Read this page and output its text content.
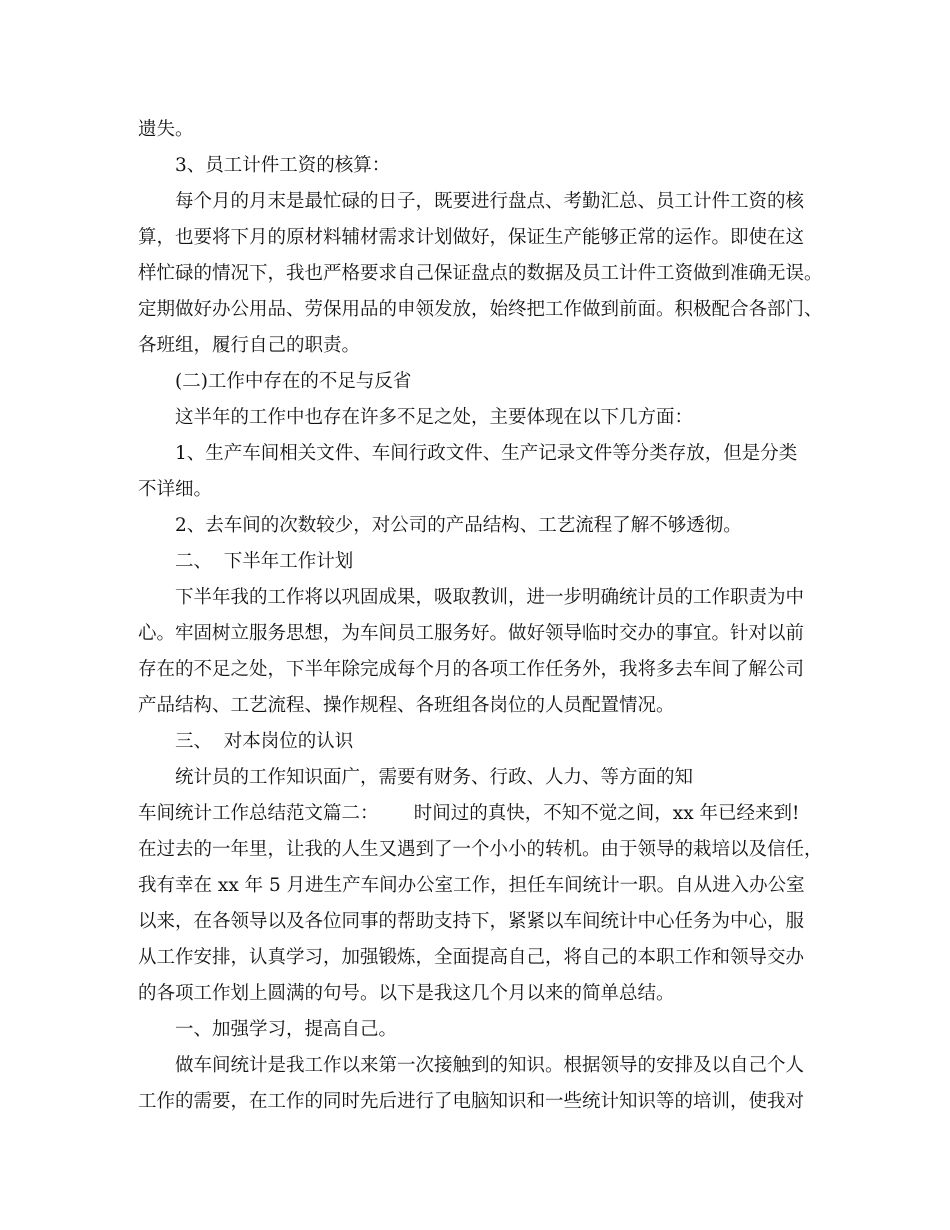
遗失。
3、员工计件工资的核算：
每个月的月末是最忙碌的日子，既要进行盘点、考勤汇总、员工计件工资的核
算，也要将下月的原材料辅材需求计划做好，保证生产能够正常的运作。即使在这
样忙碌的情况下，我也严格要求自己保证盘点的数据及员工计件工资做到准确无误。
定期做好办公用品、劳保用品的申领发放，始终把工作做到前面。积极配合各部门、
各班组，履行自己的职责。
(二)工作中存在的不足与反省
这半年的工作中也存在许多不足之处，主要体现在以下几方面：
1、生产车间相关文件、车间行政文件、生产记录文件等分类存放，但是分类
不详细。
2、去车间的次数较少，对公司的产品结构、工艺流程了解不够透彻。
二、  下半年工作计划
下半年我的工作将以巩固成果，吸取教训，进一步明确统计员的工作职责为中
心。牢固树立服务思想，为车间员工服务好。做好领导临时交办的事宜。针对以前
存在的不足之处，下半年除完成每个月的各项工作任务外，我将多去车间了解公司
产品结构、工艺流程、操作规程、各班组各岗位的人员配置情况。
三、  对本岗位的认识
统计员的工作知识面广，需要有财务、行政、人力、等方面的知
车间统计工作总结范文篇二：      时间过的真快，不知不觉之间，xx 年已经来到!
在过去的一年里，让我的人生又遇到了一个小小的转机。由于领导的栽培以及信任，
我有幸在 xx 年 5 月进生产车间办公室工作，担任车间统计一职。自从进入办公室
以来，在各领导以及各位同事的帮助支持下，紧紧以车间统计中心任务为中心，服
从工作安排，认真学习，加强锻炼，全面提高自己，将自己的本职工作和领导交办
的各项工作划上圆满的句号。以下是我这几个月以来的简单总结。
一、加强学习，提高自己。
做车间统计是我工作以来第一次接触到的知识。根据领导的安排及以自己个人
工作的需要，在工作的同时先后进行了电脑知识和一些统计知识等的培训，使我对
